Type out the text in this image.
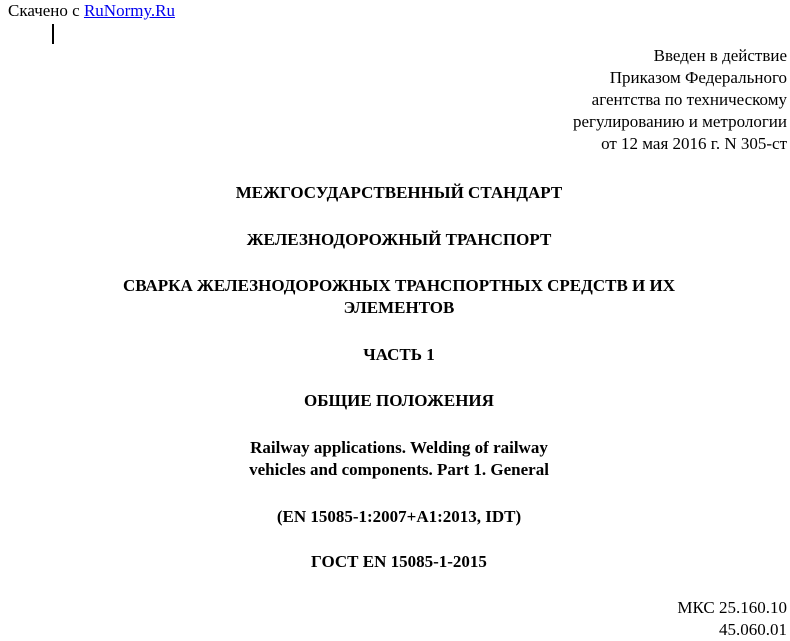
Скачено с RuNormy.Ru
Введен в действие
Приказом Федерального
агентства по техническому
регулированию и метрологии
от 12 мая 2016 г. N 305-ст
МЕЖГОСУДАРСТВЕННЫЙ СТАНДАРТ
ЖЕЛЕЗНОДОРОЖНЫЙ ТРАНСПОРТ
СВАРКА ЖЕЛЕЗНОДОРОЖНЫХ ТРАНСПОРТНЫХ СРЕДСТВ И ИХ
ЭЛЕМЕНТОВ
ЧАСТЬ 1
ОБЩИЕ ПОЛОЖЕНИЯ
Railway applications. Welding of railway
vehicles and components. Part 1. General
(EN 15085-1:2007+A1:2013, IDT)
ГОСТ EN 15085-1-2015
МКС 25.160.10
45.060.01
